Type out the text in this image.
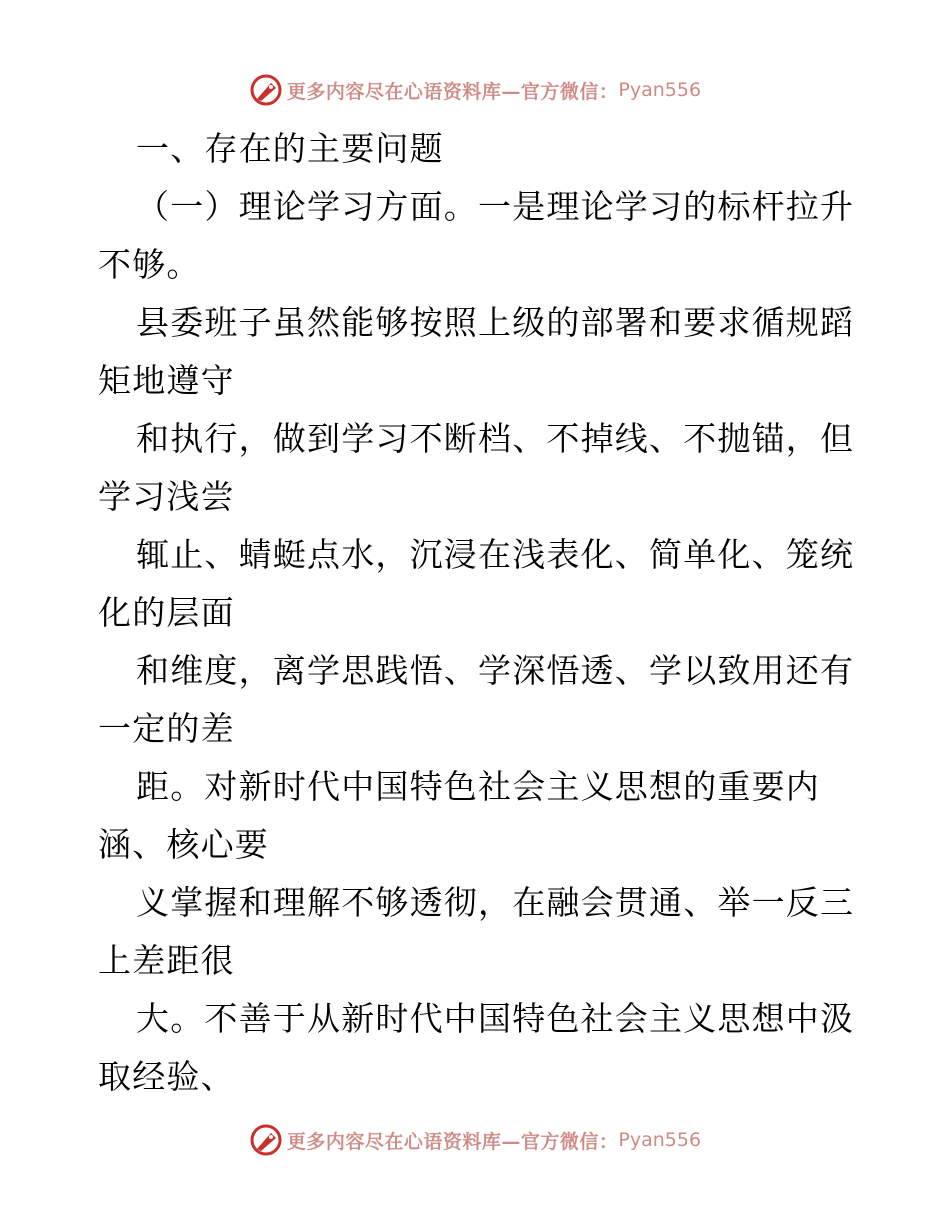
更多内容尽在心语资料库—官方微信： Pyan556
一、存在的主要问题
（一）理论学习方面。一是理论学习的标杆拉升
不够。
县委班子虽然能够按照上级的部署和要求循规蹈
矩地遵守
和执行，做到学习不断档、不掉线、不抛锚，但
学习浅尝
辄止、蜻蜓点水，沉浸在浅表化、简单化、笼统
化的层面
和维度，离学思践悟、学深悟透、学以致用还有
一定的差
距。对新时代中国特色社会主义思想的重要内
涵、核心要
义掌握和理解不够透彻，在融会贯通、举一反三
上差距很
大。不善于从新时代中国特色社会主义思想中汲
取经验、
更多内容尽在心语资料库—官方微信： Pyan556
